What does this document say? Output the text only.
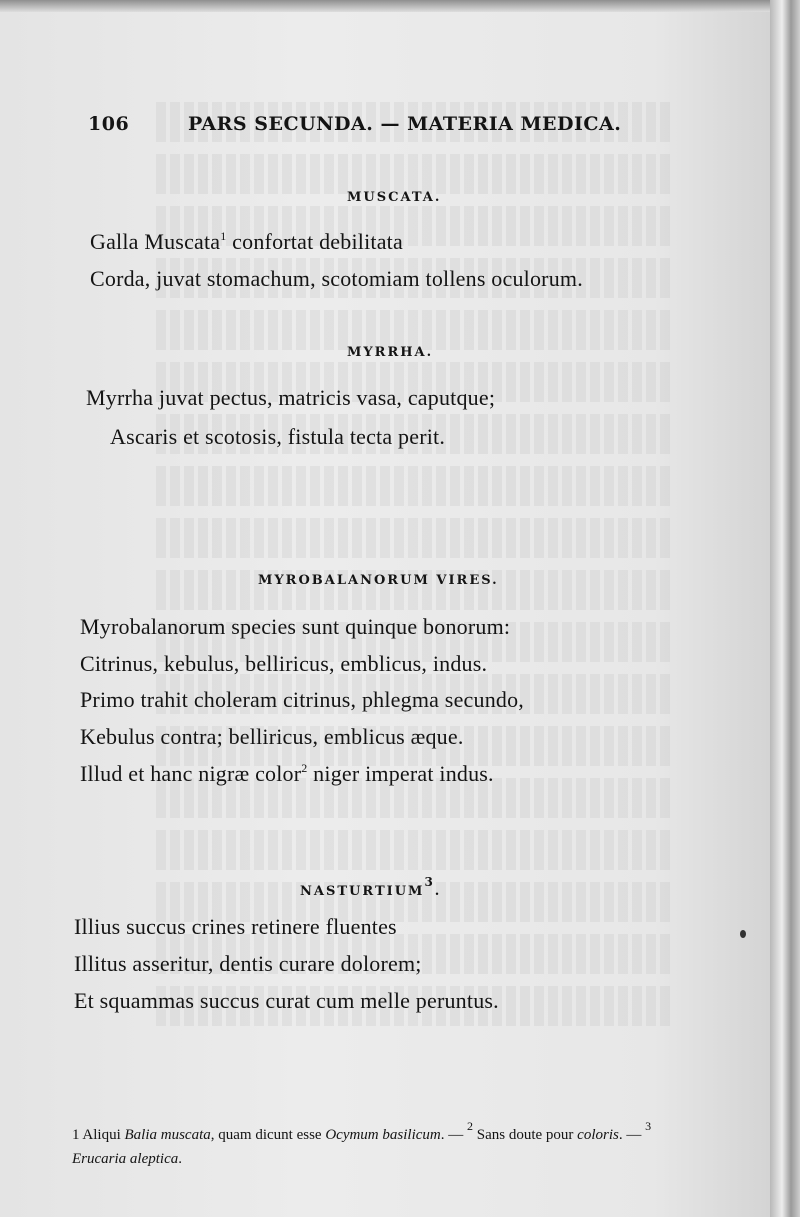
106	PARS SECUNDA. — MATERIA MEDICA.
MUSCATA.
Galla Muscata$^1$ confortat debilitata
Corda, juvat stomachum, scotomiam tollens oculorum.
MYRRHA.
Myrrha juvat pectus, matricis vasa, caputque;
Ascaris et scotosis, fistula tecta perit.
MYROBALANORUM VIRES.
Myrobalanorum species sunt quinque bonorum:
Citrinus, kebulus, belliricus, emblicus, indus.
Primo trahit choleram citrinus, phlegma secundo,
Kebulus contra; belliricus, emblicus æque.
Illud et hanc nigræ color$^2$ niger imperat indus.
NASTURTIUM$^3$.
Illius succus crines retinere fluentes
Illitus asseritur, dentis curare dolorem;
Et squammas succus curat cum melle peruntus.
1 Aliqui Balia muscata, quam dicunt esse Ocymum basilicum. — $^2$ Sans doute pour coloris. — $^3$ Erucaria aleptica.
